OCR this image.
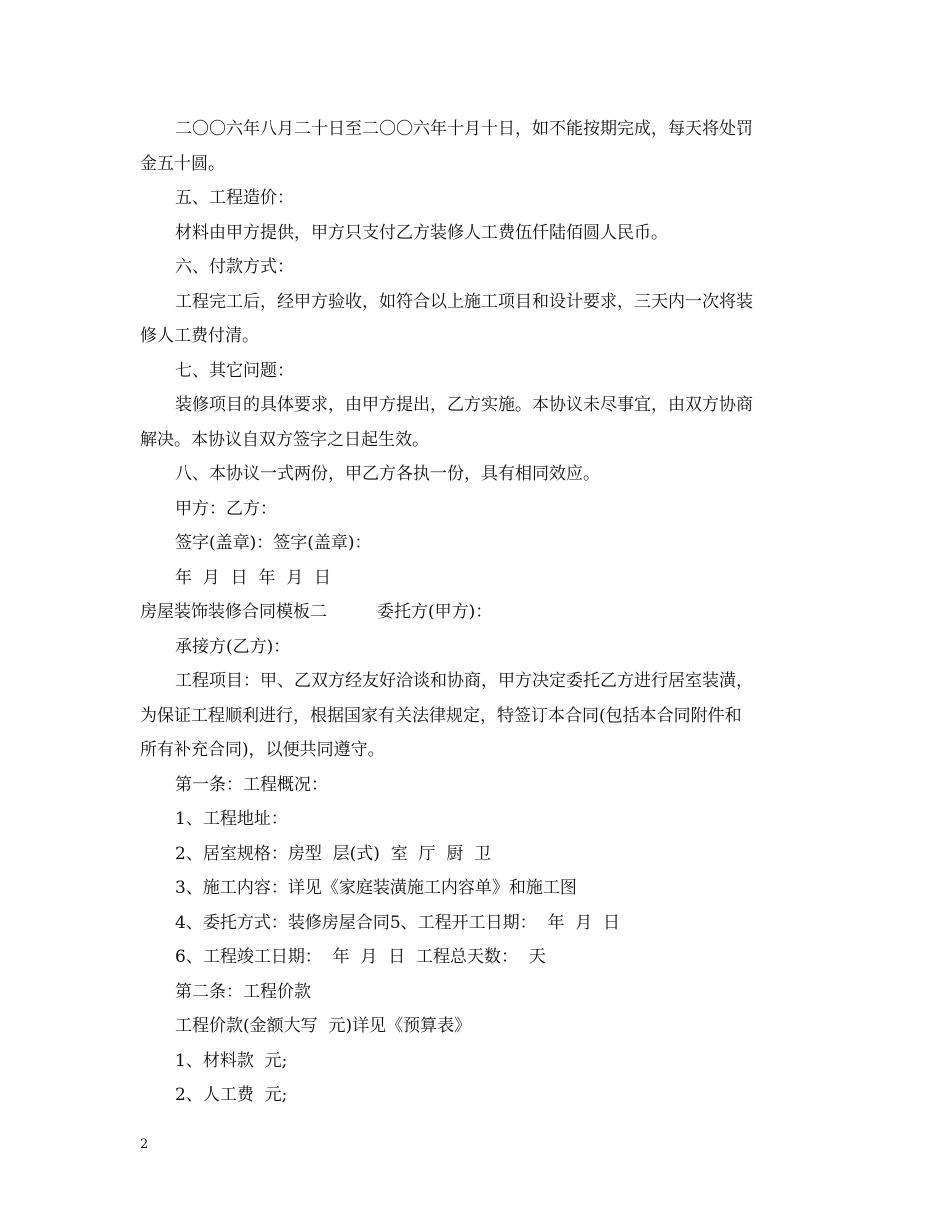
二〇〇六年八月二十日至二〇〇六年十月十日，如不能按期完成，每天将处罚
金五十圆。
五、工程造价：
材料由甲方提供，甲方只支付乙方装修人工费伍仟陆佰圆人民币。
六、付款方式：
工程完工后，经甲方验收，如符合以上施工项目和设计要求，三天内一次将装
修人工费付清。
七、其它问题：
装修项目的具体要求，由甲方提出，乙方实施。本协议未尽事宜，由双方协商
解决。本协议自双方签字之日起生效。
八、本协议一式两份，甲乙方各执一份，具有相同效应。
甲方：乙方：
签字(盖章)：签字(盖章)：
年  月  日  年  月  日
房屋装饰装修合同模板二	委托方(甲方)：
承接方(乙方)：
工程项目：甲、乙双方经友好洽谈和协商，甲方决定委托乙方进行居室装潢，
为保证工程顺利进行，根据国家有关法律规定，特签订本合同(包括本合同附件和
所有补充合同)，以便共同遵守。
第一条：工程概况：
1、工程地址：
2、居室规格：房型  层(式)  室  厅  厨  卫
3、施工内容：详见《家庭装潢施工内容单》和施工图
4、委托方式：装修房屋合同5、工程开工日期：  年  月  日
6、工程竣工日期：  年  月  日  工程总天数：  天
第二条：工程价款
工程价款(金额大写  元)详见《预算表》
1、材料款  元;
2、人工费  元;
2
